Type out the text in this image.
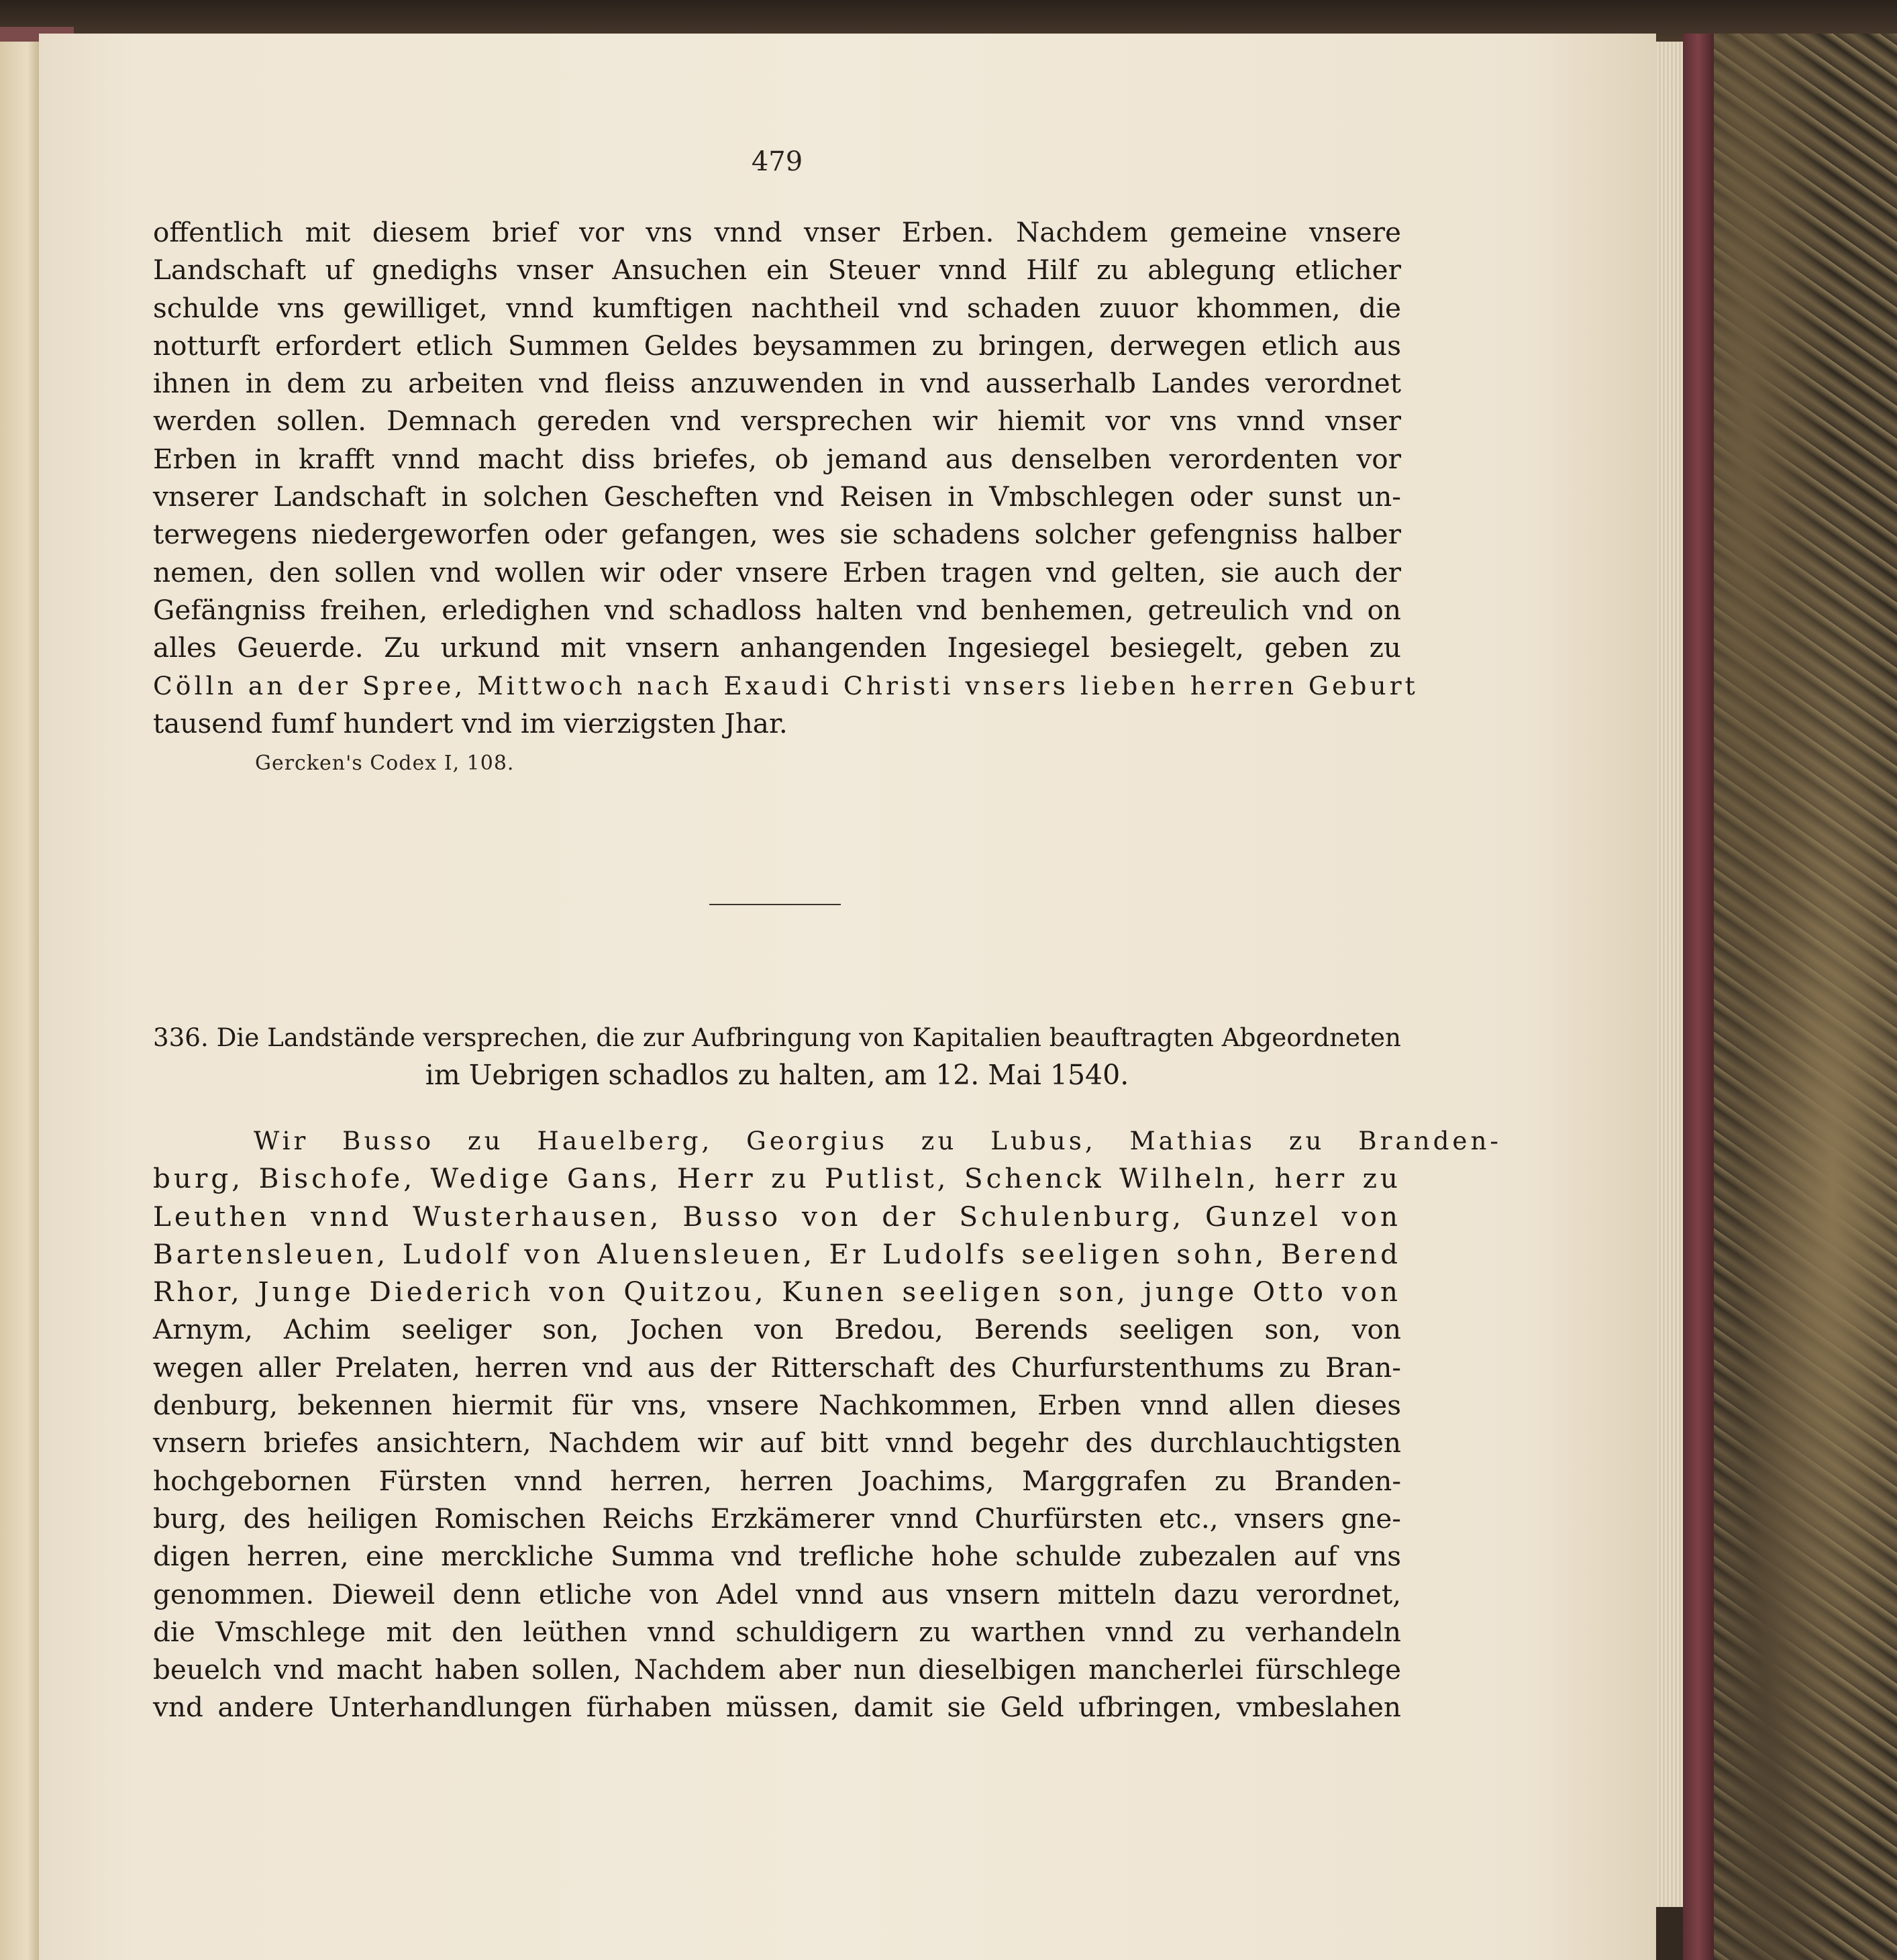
479
offentlich mit diesem brief vor vns vnnd vnser Erben. Nachdem gemeine vnsere
Landschaft uf gnedighs vnser Ansuchen ein Steuer vnnd Hilf zu ablegung etlicher
schulde vns gewilliget, vnnd kumftigen nachtheil vnd schaden zuuor khommen, die
notturft erfordert etlich Summen Geldes beysammen zu bringen, derwegen etlich aus
ihnen in dem zu arbeiten vnd fleiss anzuwenden in vnd ausserhalb Landes verordnet
werden sollen. Demnach gereden vnd versprechen wir hiemit vor vns vnnd vnser
Erben in krafft vnnd macht diss briefes, ob jemand aus denselben verordenten vor
vnserer Landschaft in solchen Geschеften vnd Reisen in Vmbschlegen oder sunst un-
terwegens niedergeworfen oder gefangen, wes sie schadens solcher gefengniss halber
nemen, den sollen vnd wollen wir oder vnsere Erben tragen vnd gelten, sie auch der
Gefängniss freihen, erledighen vnd schadloss halten vnd benhemen, getreulich vnd on
alles Geuerde. Zu urkund mit vnsern anhangenden Ingesiegel besiegelt, geben zu
Cölln an der Spree, Mittwoch nach Exaudi Christi vnsers lieben herren Geburt
tausend fumf hundert vnd im vierzigsten Jhar.
Gercken's Codex I, 108.
336. Die Landstände versprechen, die zur Aufbringung von Kapitalien beauftragten Abgeordneten
im Uebrigen schadlos zu halten, am 12. Mai 1540.
Wir Busso zu Hauelberg, Georgius zu Lubus, Mathias zu Branden-
burg, Bischofe, Wedige Gans, Herr zu Putlist, Schenck Wilheln, herr zu
Leuthen vnnd Wusterhausen, Busso von der Schulenburg, Gunzel von
Bartensleuen, Ludolf von Aluensleuen, Er Ludolfs seeligen sohn, Berend
Rhor, Junge Diederich von Quitzou, Kunen seeligen son, junge Otto von
Arnym, Achim seeliger son, Jochen von Bredou, Berends seeligen son, von
wegen aller Prelaten, herren vnd aus der Ritterschaft des Churfurstenthums zu Bran-
denburg, bekennen hiermit für vns, vnsere Nachkommen, Erben vnnd allen dieses
vnsern briefes ansichtern, Nachdem wir auf bitt vnnd begehr des durchlauchtigsten
hochgebornen Fürsten vnnd herren, herren Joachims, Marggrafen zu Branden-
burg, des heiligen Romischen Reichs Erzkämerer vnnd Churfürsten etc., vnsers gne-
digen herren, eine merckliche Summa vnd trefliche hohe schulde zubezalen auf vns
genommen. Dieweil denn etliche von Adel vnnd aus vnsern mitteln dazu verordnet,
die Vmschlege mit den leüthen vnnd schuldigern zu warthen vnnd zu verhandeln
beuelch vnd macht haben sollen, Nachdem aber nun dieselbigen mancherlei fürschlege
vnd andere Unterhandlungen fürhaben müssen, damit sie Geld ufbringen, vmbeslahen
